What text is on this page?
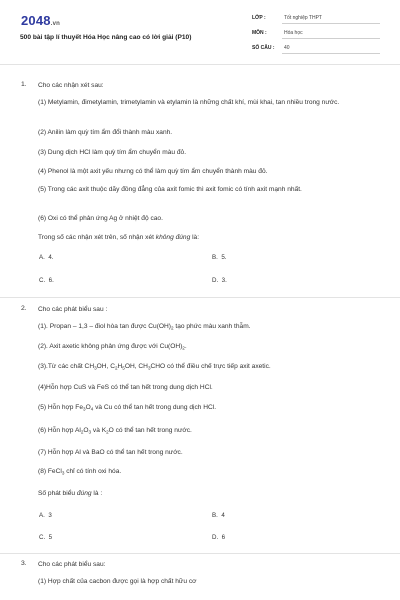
2048.vn
500 bài tập lí thuyết Hóa Học nâng cao có lời giải (P10)
LỚP :	Tốt nghiệp THPT
MÔN :	Hóa học
SỐ CÂU : 40
1. Cho các nhận xét sau:
(1) Metylamin, đimetylamin, trimetylamin và etylamin là những chất khí, mùi khai, tan nhiều trong nước.
(2) Anilin làm quỳ tím ẩm đổi thành màu xanh.
(3) Dung dịch HCl làm quỳ tím ẩm chuyển màu đỏ.
(4) Phenol là một axit yếu nhưng có thể làm quỳ tím ẩm chuyển thành màu đỏ.
(5) Trong các axit thuộc dãy đồng đẳng của axit fomic thì axit fomic có tính axit mạnh nhất.
(6) Oxi có thể phản ứng Ag ở nhiệt độ cao.
Trong số các nhận xét trên, số nhận xét không đúng là:
A. 4.	B. 5.
C. 6.	D. 3.
2. Cho các phát biểu sau :
(1). Propan – 1,3 – điol hòa tan được $Cu(OH)_2$ tạo phức màu xanh thẫm.
(2). Axit axetic không phản ứng được với $Cu(OH)_2$.
(3).Từ các chất $CH_3OH$, $C_2H_5OH$, $CH_3CHO$ có thể điều chế trực tiếp axit axetic.
(4)Hỗn hợp CuS và FeS có thể tan hết trong dung dịch HCl.
(5) Hỗn hợp $Fe_3O_4$ và Cu có thể tan hết trong dung dịch HCl.
(6) Hỗn hợp $Al_2O_3$ và $K_2O$ có thể tan hết trong nước.
(7) Hỗn hợp Al và BaO có thể tan hết trong nước.
(8) FeCl$_3$ chỉ có tính oxi hóa.
Số phát biểu đúng là :
A. 3	B. 4
C. 5	D. 6
3. Cho các phát biểu sau:
(1) Hợp chất của cacbon được gọi là hợp chất hữu cơ
